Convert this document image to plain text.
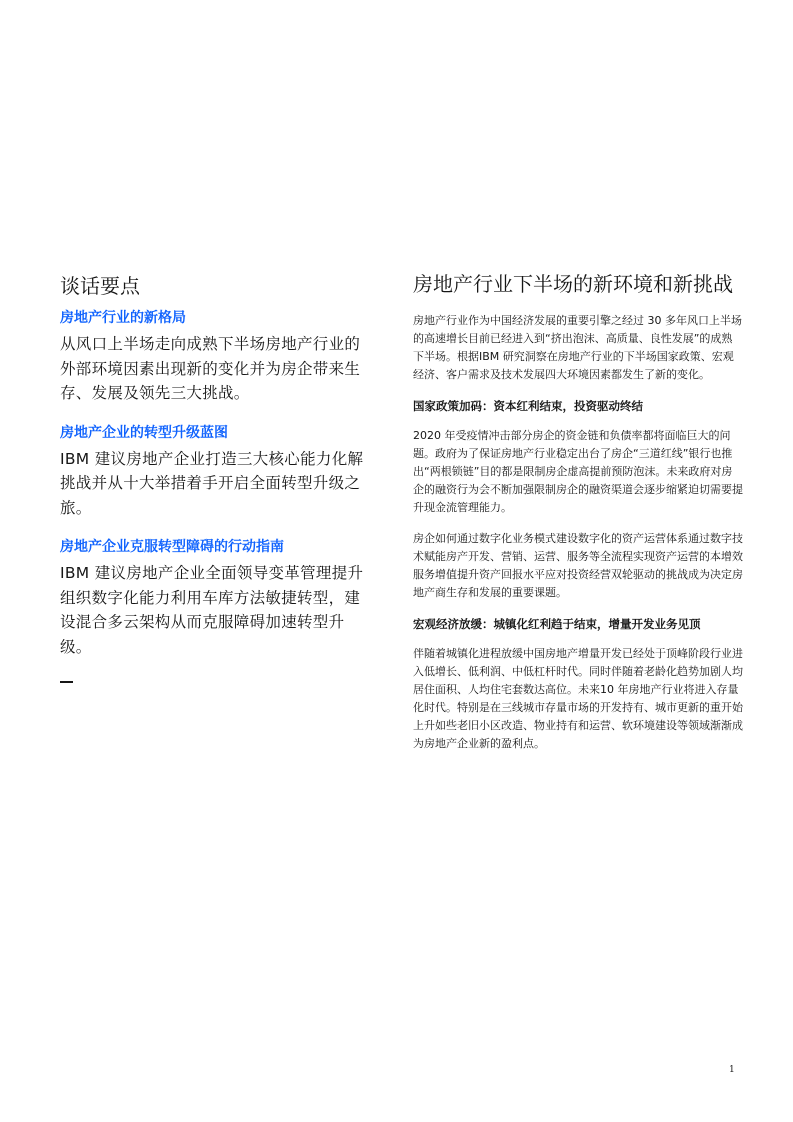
谈话要点
房地产行业的新格局

从风口上半场走向成熟下半场房地产行业的外部环境因素出现新的变化并为房企带来生存、发展及领先三大挑战。

房地产企业的转型升级蓝图

IBM 建议房地产企业打造三大核心能力化解挑战并从十大举措着手开启全面转型升级之旅。

房地产企业克服转型障碍的行动指南

IBM 建议房地产企业全面领导变革管理提升组织数字化能力利用车库方法敏捷转型，建设混合多云架构从而克服障碍加速转型升级。

房地产行业下半场的新环境和新挑战

房地产行业作为中国经济发展的重要引擎之经过 30 多年风口上半场的高速增长目前已经进入到“挤出泡沫、高质量、良性发展”的成熟下半场。根据IBM 研究洞察在房地产行业的下半场国家政策、宏观经济、客户需求及技术发展四大环境因素都发生了新的变化。

国家政策加码：资本红利结束，投资驱动终结

2020 年受疫情冲击部分房企的资金链和负债率都将面临巨大的问题。政府为了保证房地产行业稳定出台了房企“三道红线”银行也推出“两根锁链”目的都是限制房企虚高提前预防泡沫。未来政府对房企的融资行为会不断加强限制房企的融资渠道会逐步缩紧迫切需要提升现金流管理能力。

房企如何通过数字化业务模式建设数字化的资产运营体系通过数字技术赋能房产开发、营销、运营、服务等全流程实现资产运营的本增效服务增值提升资产回报水平应对投资经营双轮驱动的挑战成为决定房地产商生存和发展的重要课题。

宏观经济放缓：城镇化红利趋于结束，增量开发业务见顶

伴随着城镇化进程放缓中国房地产增量开发已经处于顶峰阶段行业进入低增长、低利润、中低杠杆时代。同时伴随着老龄化趋势加剧人均居住面积、人均住宅套数达高位。未来10 年房地产行业将进入存量化时代。特别是在三线城市存量市场的开发持有、城市更新的重开始上升如些老旧小区改造、物业持有和运营、软环境建设等领域渐渐成为房地产企业新的盈利点。

1
